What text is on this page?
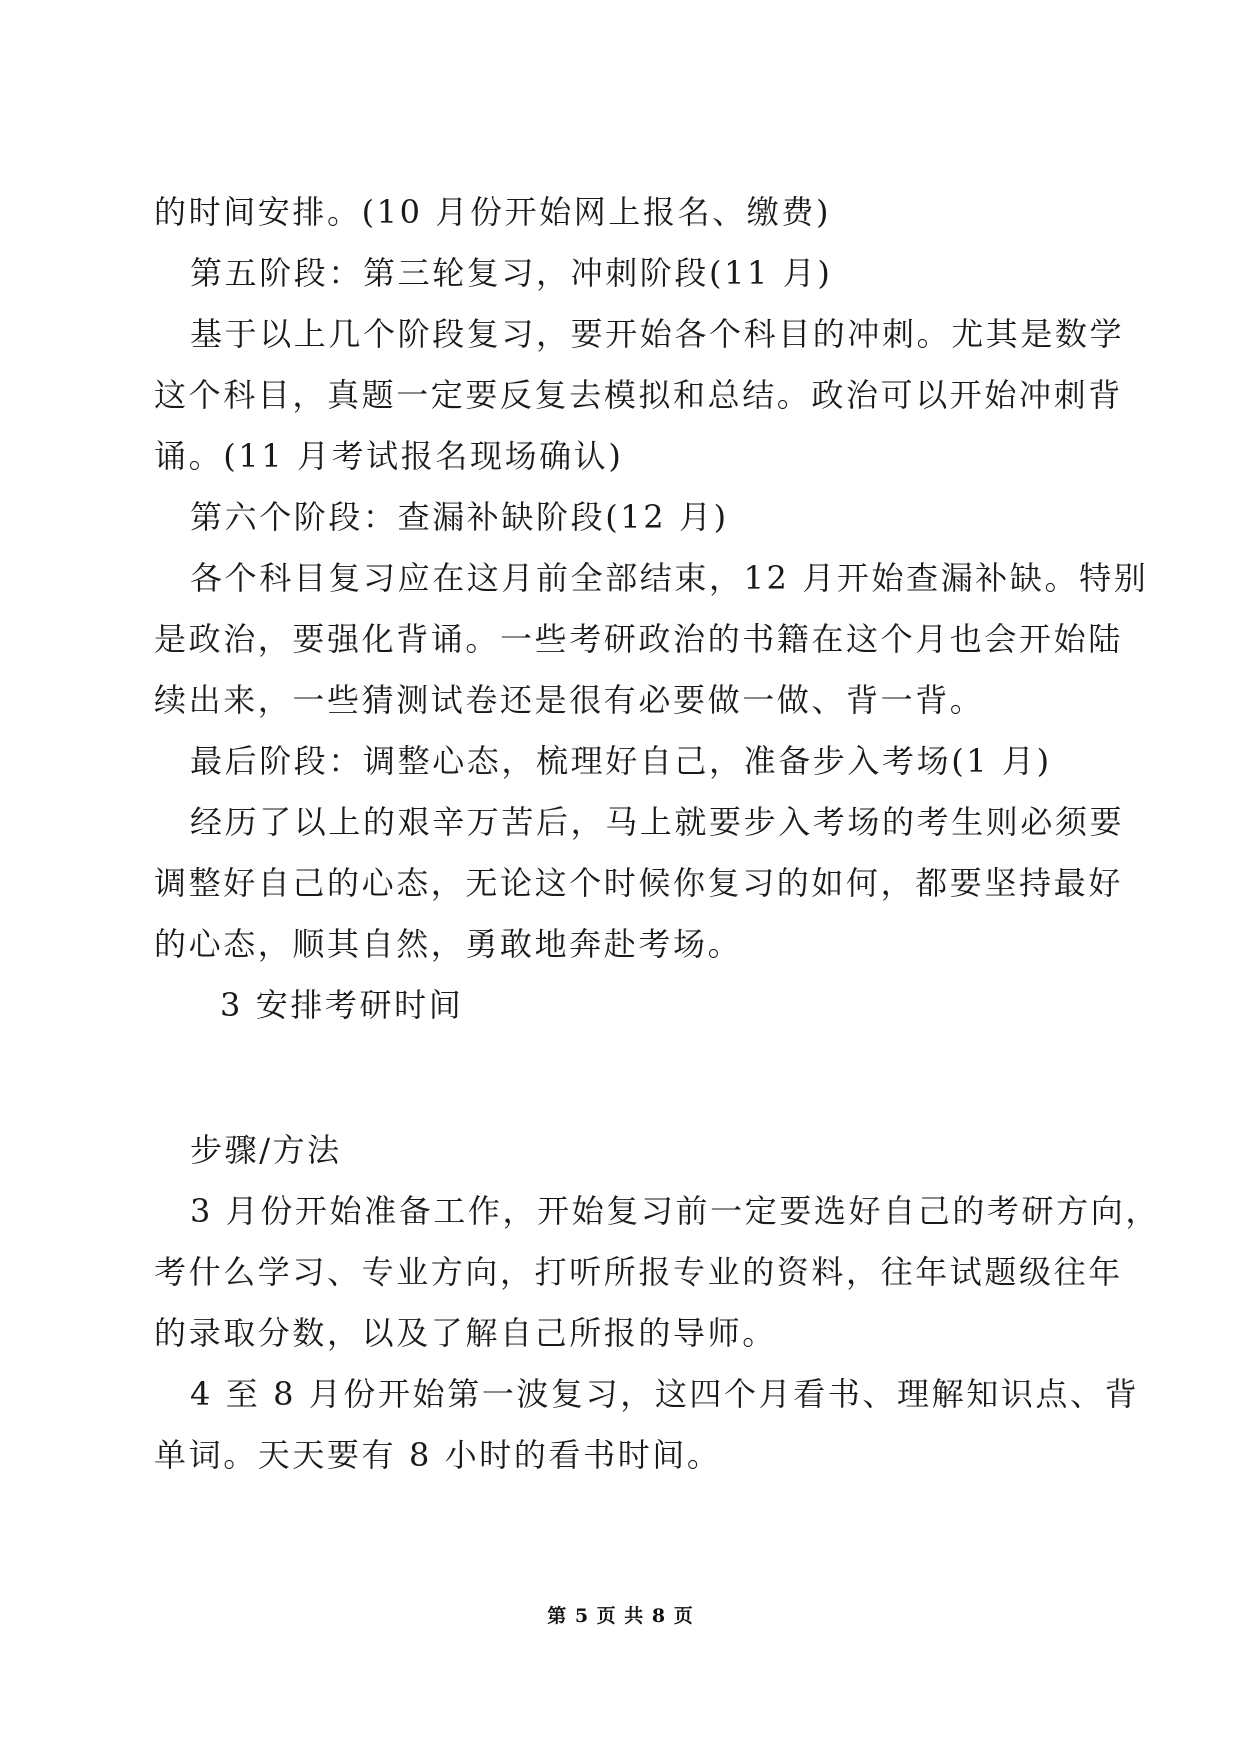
的时间安排。(10 月份开始网上报名、缴费)
第五阶段：第三轮复习，冲刺阶段(11 月)
基于以上几个阶段复习，要开始各个科目的冲刺。尤其是数学
这个科目，真题一定要反复去模拟和总结。政治可以开始冲刺背
诵。(11 月考试报名现场确认)
第六个阶段：查漏补缺阶段(12 月)
各个科目复习应在这月前全部结束，12 月开始查漏补缺。特别
是政治，要强化背诵。一些考研政治的书籍在这个月也会开始陆
续出来，一些猜测试卷还是很有必要做一做、背一背。
最后阶段：调整心态，梳理好自己，准备步入考场(1 月)
经历了以上的艰辛万苦后，马上就要步入考场的考生则必须要
调整好自己的心态，无论这个时候你复习的如何，都要坚持最好
的心态，顺其自然，勇敢地奔赴考场。
3 安排考研时间
步骤/方法
3 月份开始准备工作，开始复习前一定要选好自己的考研方向，
考什么学习、专业方向，打听所报专业的资料，往年试题级往年
的录取分数，以及了解自己所报的导师。
4 至 8 月份开始第一波复习，这四个月看书、理解知识点、背
单词。天天要有 8 小时的看书时间。
第 5 页 共 8 页
